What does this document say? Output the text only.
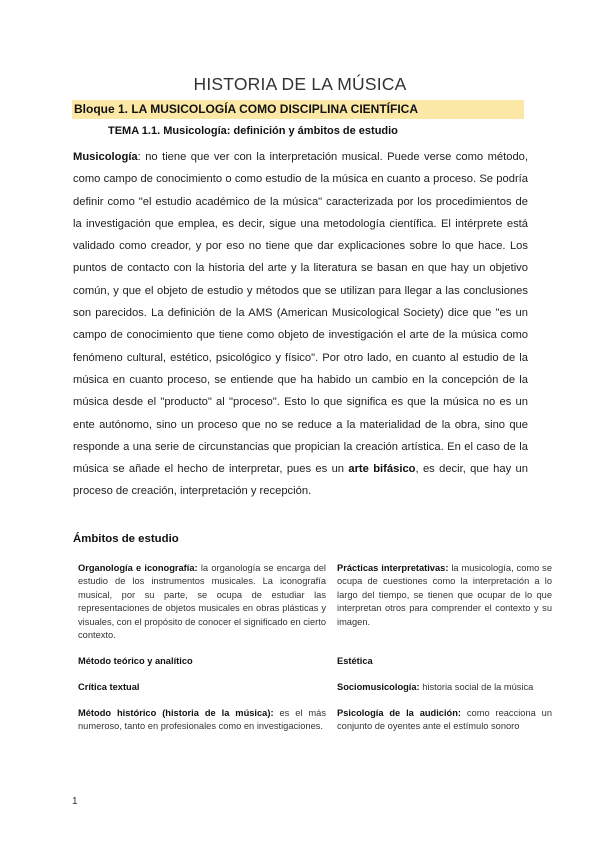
HISTORIA DE LA MÚSICA
Bloque 1. LA MUSICOLOGÍA COMO DISCIPLINA CIENTÍFICA
TEMA 1.1. Musicología: definición y ámbitos de estudio
Musicología: no tiene que ver con la interpretación musical. Puede verse como método, como campo de conocimiento o como estudio de la música en cuanto a proceso. Se podría definir como "el estudio académico de la música" caracterizada por los procedimientos de la investigación que emplea, es decir, sigue una metodología científica. El intérprete está validado como creador, y por eso no tiene que dar explicaciones sobre lo que hace. Los puntos de contacto con la historia del arte y la literatura se basan en que hay un objetivo común, y que el objeto de estudio y métodos que se utilizan para llegar a las conclusiones son parecidos. La definición de la AMS (American Musicological Society) dice que "es un campo de conocimiento que tiene como objeto de investigación el arte de la música como fenómeno cultural, estético, psicológico y físico". Por otro lado, en cuanto al estudio de la música en cuanto proceso, se entiende que ha habido un cambio en la concepción de la música desde el "producto" al "proceso". Esto lo que significa es que la música no es un ente autónomo, sino un proceso que no se reduce a la materialidad de la obra, sino que responde a una serie de circunstancias que propician la creación artística. En el caso de la música se añade el hecho de interpretar, pues es un arte bifásico, es decir, que hay un proceso de creación, interpretación y recepción.
Ámbitos de estudio
Organología e iconografía: la organología se encarga del estudio de los instrumentos musicales. La iconografía musical, por su parte, se ocupa de estudiar las representaciones de objetos musicales en obras plásticas y visuales, con el propósito de conocer el significado en cierto contexto.
Prácticas interpretativas: la musicología, como se ocupa de cuestiones como la interpretación a lo largo del tiempo, se tienen que ocupar de lo que interpretan otros para comprender el contexto y su imagen.
Método teórico y analítico	Estética
Crítica textual	Sociomusicología: historia social de la música
Método histórico (historia de la música): es el más numeroso, tanto en profesionales como en investigaciones.
Psicología de la audición: como reacciona un conjunto de oyentes ante el estímulo sonoro
1
